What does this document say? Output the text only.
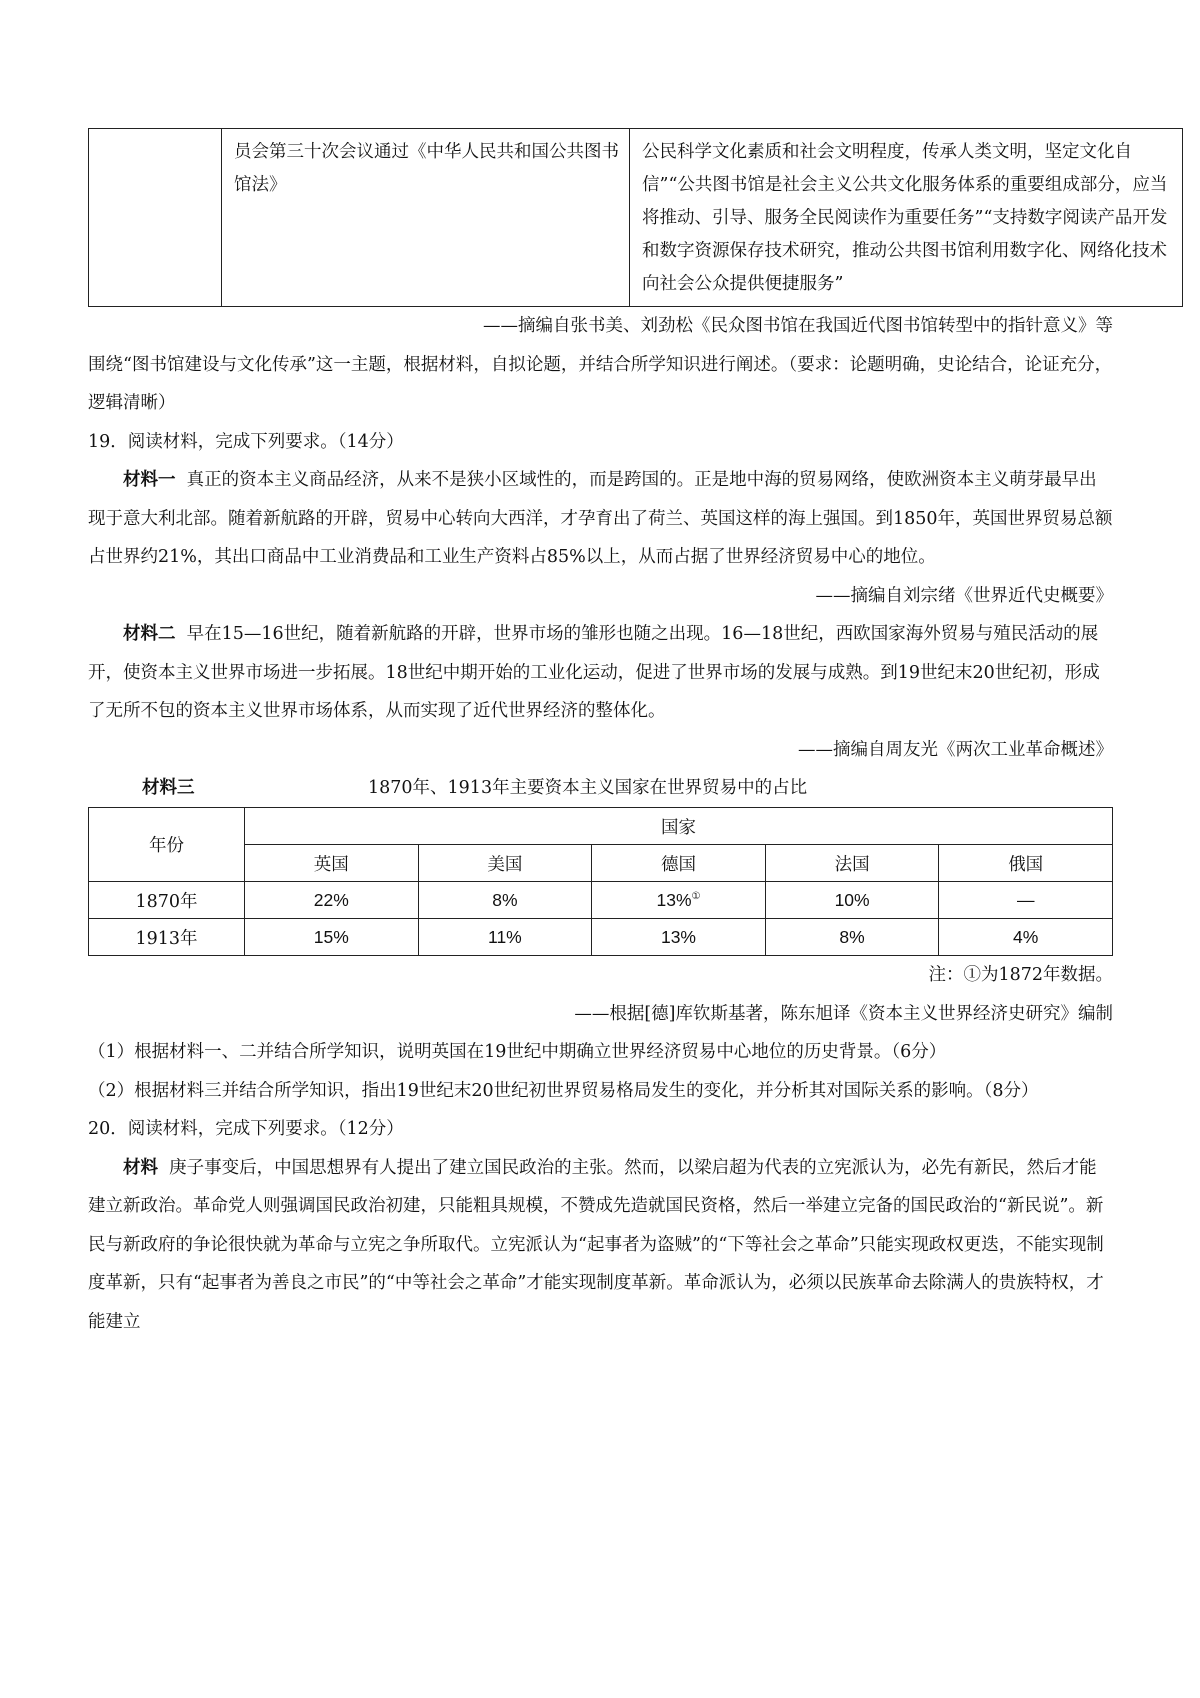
	员会第三十次会议通过《中华人民共和国公共图书馆法》	公民科学文化素质和社会文明程度，传承人类文明，坚定文化自信”“公共图书馆是社会主义公共文化服务体系的重要组成部分，应当将推动、引导、服务全民阅读作为重要任务”“支持数字阅读产品开发和数字资源保存技术研究，推动公共图书馆利用数字化、网络化技术向社会公众提供便捷服务”

——摘编自张书美、刘劲松《民众图书馆在我国近代图书馆转型中的指针意义》等

围绕“图书馆建设与文化传承”这一主题，根据材料，自拟论题，并结合所学知识进行阐述。（要求：论题明确，史论结合，论证充分，逻辑清晰）

19．阅读材料，完成下列要求。（14分）

材料一 真正的资本主义商品经济，从来不是狭小区域性的，而是跨国的。正是地中海的贸易网络，使欧洲资本主义萌芽最早出现于意大利北部。随着新航路的开辟，贸易中心转向大西洋，才孕育出了荷兰、英国这样的海上强国。到1850年，英国世界贸易总额占世界约21%，其出口商品中工业消费品和工业生产资料占85%以上，从而占据了世界经济贸易中心的地位。

——摘编自刘宗绪《世界近代史概要》

材料二 早在15—16世纪，随着新航路的开辟，世界市场的雏形也随之出现。16—18世纪，西欧国家海外贸易与殖民活动的展开，使资本主义世界市场进一步拓展。18世纪中期开始的工业化运动，促进了世界市场的发展与成熟。到19世纪末20世纪初，形成了无所不包的资本主义世界市场体系，从而实现了近代世界经济的整体化。

——摘编自周友光《两次工业革命概述》

材料三	1870年、1913年主要资本主义国家在世界贸易中的占比
年份	国家				
	英国	美国	德国	法国	俄国
1870年	22%	8%	13%①	10%	—
1913年	15%	11%	13%	8%	4%

注：①为1872年数据。

——根据[德]库钦斯基著，陈东旭译《资本主义世界经济史研究》编制

（1）根据材料一、二并结合所学知识，说明英国在19世纪中期确立世界经济贸易中心地位的历史背景。（6分）

（2）根据材料三并结合所学知识，指出19世纪末20世纪初世界贸易格局发生的变化，并分析其对国际关系的影响。（8分）

20．阅读材料，完成下列要求。（12分）

材料 庚子事变后，中国思想界有人提出了建立国民政治的主张。然而，以梁启超为代表的立宪派认为，必先有新民，然后才能建立新政治。革命党人则强调国民政治初建，只能粗具规模，不赞成先造就国民资格，然后一举建立完备的国民政治的“新民说”。新民与新政府的争论很快就为革命与立宪之争所取代。立宪派认为“起事者为盗贼”的“下等社会之革命”只能实现政权更迭，不能实现制度革新，只有“起事者为善良之市民”的“中等社会之革命”才能实现制度革新。革命派认为，必须以民族革命去除满人的贵族特权，才能建立
